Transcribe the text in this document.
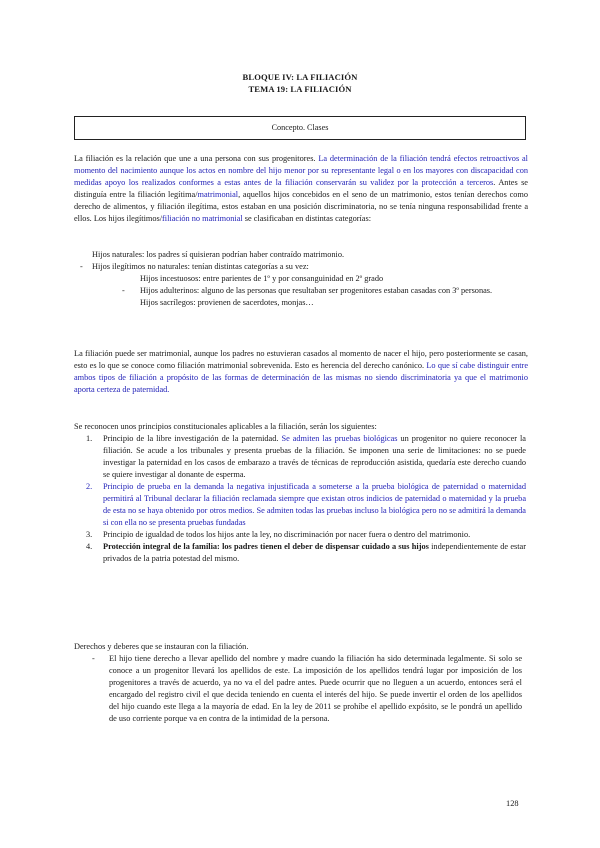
BLOQUE IV: LA FILIACIÓN
TEMA 19: LA FILIACIÓN
Concepto. Clases

La filiación es la relación que une a una persona con sus progenitores. La determinación de la filiación tendrá efectos retroactivos al momento del nacimiento aunque los actos en nombre del hijo menor por su representante legal o en los mayores con discapacidad con medidas apoyo los realizados conformes a estas antes de la filiación conservarán su validez por la protección a terceros. Antes se distinguía entre la filiación legítima/matrimonial, aquellos hijos concebidos en el seno de un matrimonio, estos tenían derechos como derecho de alimentos, y filiación ilegítima, estos estaban en una posición discriminatoria, no se tenía ninguna responsabilidad frente a ellos. Los hijos ilegítimos/filiación no matrimonial se clasificaban en distintas categorías:

Hijos naturales: los padres sí quisieran podrían haber contraído matrimonio.
- Hijos ilegítimos no naturales: tenían distintas categorías a su vez:
Hijos incestuosos: entre parientes de 1º y por consanguinidad en 2º grado
- Hijos adulterinos: alguno de las personas que resultaban ser progenitores estaban casadas con 3º personas.
Hijos sacrílegos: provienen de sacerdotes, monjas…

La filiación puede ser matrimonial, aunque los padres no estuvieran casados al momento de nacer el hijo, pero posteriormente se casan, esto es lo que se conoce como filiación matrimonial sobrevenida. Esto es herencia del derecho canónico. Lo que sí cabe distinguir entre ambos tipos de filiación a propósito de las formas de determinación de las mismas no siendo discriminatoria ya que el matrimonio aporta certeza de paternidad.

Se reconocen unos principios constitucionales aplicables a la filiación, serán los siguientes:

1. Principio de la libre investigación de la paternidad. Se admiten las pruebas biológicas un progenitor no quiere reconocer la filiación. Se acude a los tribunales y presenta pruebas de la filiación. Se imponen una serie de limitaciones: no se puede investigar la paternidad en los casos de embarazo a través de técnicas de reproducción asistida, quedaría este derecho cuando se quiere investigar al donante de esperma.
2. Principio de prueba en la demanda la negativa injustificada a someterse a la prueba biológica de paternidad o maternidad permitirá al Tribunal declarar la filiación reclamada siempre que existan otros indicios de paternidad o maternidad y la prueba de esta no se haya obtenido por otros medios. Se admiten todas las pruebas incluso la biológica pero no se admitirá la demanda si con ella no se presenta pruebas fundadas
3. Principio de igualdad de todos los hijos ante la ley, no discriminación por nacer fuera o dentro del matrimonio.
4. Protección integral de la familia: los padres tienen el deber de dispensar cuidado a sus hijos independientemente de estar privados de la patria potestad del mismo.

Derechos y deberes que se instauran con la filiación.

- El hijo tiene derecho a llevar apellido del nombre y madre cuando la filiación ha sido determinada legalmente. Si solo se conoce a un progenitor llevará los apellidos de este. La imposición de los apellidos tendrá lugar por imposición de los progenitores a través de acuerdo, ya no va el del padre antes. Puede ocurrir que no lleguen a un acuerdo, entonces será el encargado del registro civil el que decida teniendo en cuenta el interés del hijo. Se puede invertir el orden de los apellidos del hijo cuando este llega a la mayoría de edad. En la ley de 2011 se prohíbe el apellido expósito, se le pondrá un apellido de uso corriente porque va en contra de la intimidad de la persona.
128
